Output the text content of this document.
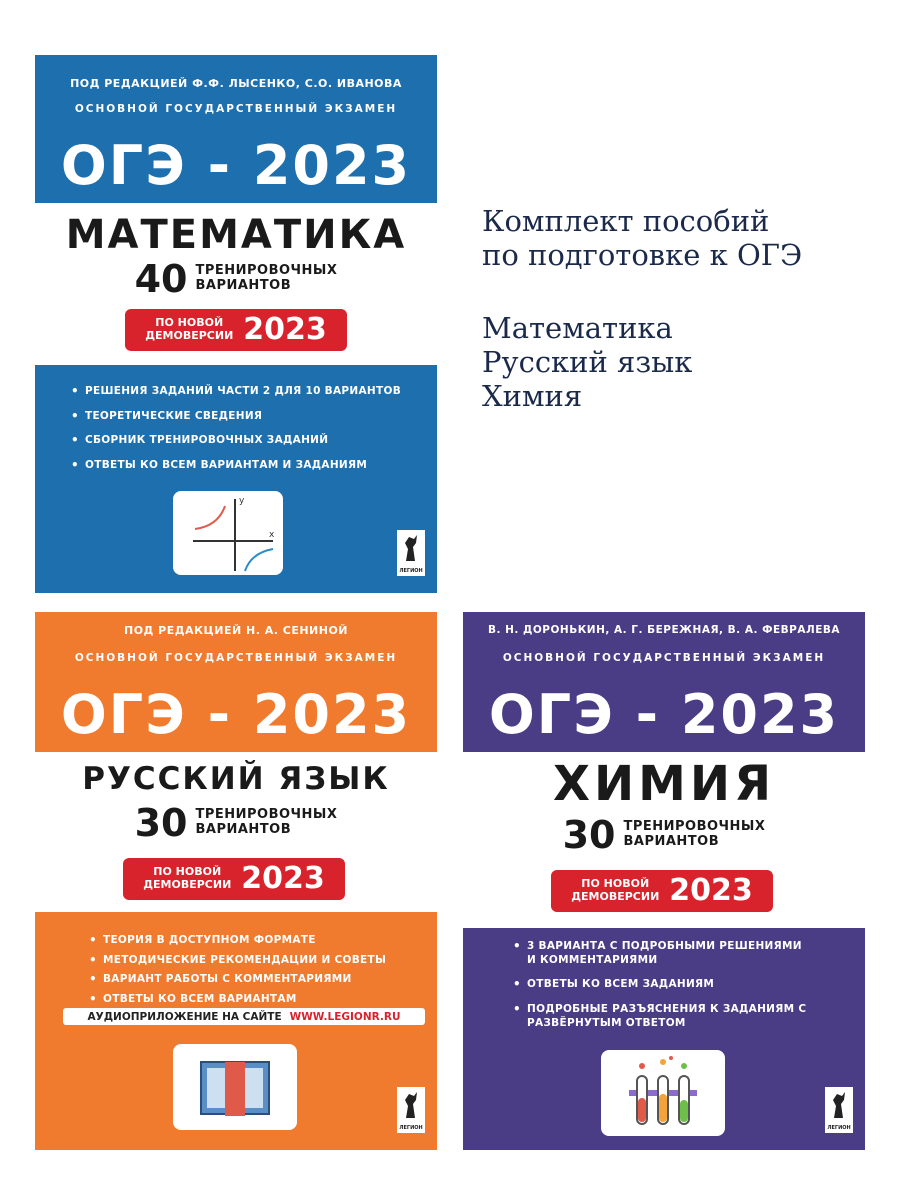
ПОД РЕДАКЦИЕЙ Ф.Ф. ЛЫСЕНКО, С.О. ИВАНОВА
ОСНОВНОЙ ГОСУДАРСТВЕННЫЙ ЭКЗАМЕН
ОГЭ - 2023
МАТЕМАТИКА
40 ТРЕНИРОВОЧНЫХ
ВАРИАНТОВ
ПО НОВОЙ
ДЕМОВЕРСИИ 2023
• РЕШЕНИЯ ЗАДАНИЙ ЧАСТИ 2 ДЛЯ 10 ВАРИАНТОВ
• ТЕОРЕТИЧЕСКИЕ СВЕДЕНИЯ
• СБОРНИК ТРЕНИРОВОЧНЫХ ЗАДАНИЙ
• ОТВЕТЫ КО ВСЕМ ВАРИАНТАМ И ЗАДАНИЯМ
y
x
ЛЕГИОН
Комплект пособий
по подготовке к ОГЭ
Математика
Русский язык
Химия
ПОД РЕДАКЦИЕЙ Н. А. СЕНИНОЙ
ОСНОВНОЙ ГОСУДАРСТВЕННЫЙ ЭКЗАМЕН
ОГЭ - 2023
РУССКИЙ ЯЗЫК
30 ТРЕНИРОВОЧНЫХ
ВАРИАНТОВ
ПО НОВОЙ
ДЕМОВЕРСИИ 2023
• ТЕОРИЯ В ДОСТУПНОМ ФОРМАТЕ
• МЕТОДИЧЕСКИЕ РЕКОМЕНДАЦИИ И СОВЕТЫ
• ВАРИАНТ РАБОТЫ С КОММЕНТАРИЯМИ
• ОТВЕТЫ КО ВСЕМ ВАРИАНТАМ
АУДИОПРИЛОЖЕНИЕ НА САЙТЕ WWW.LEGIONR.RU
ЛЕГИОН
В. Н. ДОРОНЬКИН, А. Г. БЕРЕЖНАЯ, В. А. ФЕВРАЛЕВА
ОСНОВНОЙ ГОСУДАРСТВЕННЫЙ ЭКЗАМЕН
ОГЭ - 2023
ХИМИЯ
30 ТРЕНИРОВОЧНЫХ
ВАРИАНТОВ
ПО НОВОЙ
ДЕМОВЕРСИИ 2023
• 3 ВАРИАНТА С ПОДРОБНЫМИ РЕШЕНИЯМИ И КОММЕНТАРИЯМИ
• ОТВЕТЫ КО ВСЕМ ЗАДАНИЯМ
• ПОДРОБНЫЕ РАЗЪЯСНЕНИЯ К ЗАДАНИЯМ С РАЗВЁРНУТЫМ ОТВЕТОМ
ЛЕГИОН
